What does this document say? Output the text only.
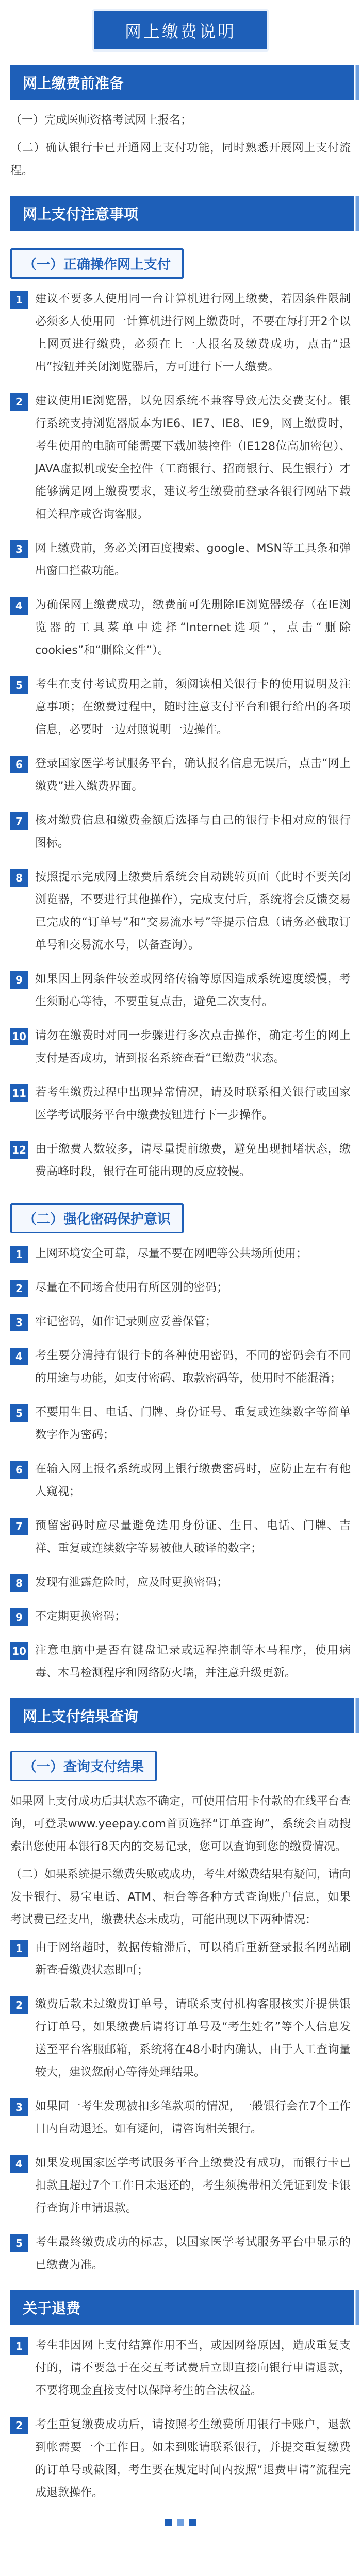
网上缴费说明
网上缴费前准备

（一）完成医师资格考试网上报名；

（二）确认银行卡已开通网上支付功能，同时熟悉开展网上支付流程。

网上支付注意事项
（一）正确操作网上支付
1	建议不要多人使用同一台计算机进行网上缴费，若因条件限制必须多人使用同一计算机进行网上缴费时，不要在每打开2个以上网页进行缴费，必须在上一人报名及缴费成功，点击“退出”按钮并关闭浏览器后，方可进行下一人缴费。
2	建议使用IE浏览器，以免因系统不兼容导致无法交费支付。银行系统支持浏览器版本为IE6、IE7、IE8、IE9，网上缴费时，考生使用的电脑可能需要下载加装控件（IE128位高加密包）、JAVA虚拟机或安全控件（工商银行、招商银行、民生银行）才能够满足网上缴费要求，建议考生缴费前登录各银行网站下载相关程序或咨询客服。
3	网上缴费前，务必关闭百度搜索、google、MSN等工具条和弹出窗口拦截功能。
4	为确保网上缴费成功，缴费前可先删除IE浏览器缓存（在IE浏览器的工具菜单中选择“Internet选项”，点击“删除cookies”和“删除文件”）。
5	考生在支付考试费用之前，须阅读相关银行卡的使用说明及注意事项；在缴费过程中，随时注意支付平台和银行给出的各项信息，必要时一边对照说明一边操作。
6	登录国家医学考试服务平台，确认报名信息无误后，点击“网上缴费”进入缴费界面。
7	核对缴费信息和缴费金额后选择与自己的银行卡相对应的银行图标。
8	按照提示完成网上缴费后系统会自动跳转页面（此时不要关闭浏览器，不要进行其他操作），完成支付后，系统将会反馈交易已完成的“订单号”和“交易流水号”等提示信息（请务必截取订单号和交易流水号，以备查询）。
9	如果因上网条件较差或网络传输等原因造成系统速度缓慢，考生须耐心等待，不要重复点击，避免二次支付。
10 请勿在缴费时对同一步骤进行多次点击操作，确定考生的网上支付是否成功，请到报名系统查看“已缴费”状态。
11 若考生缴费过程中出现异常情况，请及时联系相关银行或国家医学考试服务平台中缴费按钮进行下一步操作。
12 由于缴费人数较多，请尽量提前缴费，避免出现拥堵状态，缴费高峰时段，银行在可能出现的反应较慢。
（二）强化密码保护意识
1	上网环境安全可靠，尽量不要在网吧等公共场所使用；
2	尽量在不同场合使用有所区别的密码；
3	牢记密码，如作记录则应妥善保管；
4	考生要分清持有银行卡的各种使用密码，不同的密码会有不同的用途与功能，如支付密码、取款密码等，使用时不能混淆；
5	不要用生日、电话、门牌、身份证号、重复或连续数字等简单数字作为密码；
6	在输入网上报名系统或网上银行缴费密码时，应防止左右有他人窥视；
7	预留密码时应尽量避免选用身份证、生日、电话、门牌、吉祥、重复或连续数字等易被他人破译的数字；
8	发现有泄露危险时，应及时更换密码；
9	不定期更换密码；
10 注意电脑中是否有键盘记录或远程控制等木马程序，使用病毒、木马检测程序和网络防火墙，并注意升级更新。
网上支付结果查询
（一）查询支付结果

如果网上支付成功后其状态不确定，可使用信用卡付款的在线平台查询，可登录www.yeepay.com首页选择“订单查询”，系统会自动搜索出您使用本银行8天内的交易记录，您可以查询到您的缴费情况。

（二）如果系统提示缴费失败或成功，考生对缴费结果有疑问，请向发卡银行、易宝电话、ATM、柜台等各种方式查询账户信息，如果考试费已经支出，缴费状态未成功，可能出现以下两种情况：

1	由于网络超时，数据传输滞后，可以稍后重新登录报名网站刷新查看缴费状态即可；
2	缴费后款未过缴费订单号，请联系支付机构客服核实并提供银行订单号，如果缴费后请将订单号及“考生姓名”等个人信息发送至平台客服邮箱，系统将在48小时内确认，由于人工查询量较大，建议您耐心等待处理结果。
3	如果同一考生发现被扣多笔款项的情况，一般银行会在7个工作日内自动退还。如有疑问，请咨询相关银行。
4	如果发现国家医学考试服务平台上缴费没有成功，而银行卡已扣款且超过7个工作日未退还的，考生须携带相关凭证到发卡银行查询并申请退款。
5	考生最终缴费成功的标志，以国家医学考试服务平台中显示的已缴费为准。
关于退费
1	考生非因网上支付结算作用不当，或因网络原因，造成重复支付的，请不要急于在交互考试费后立即直接向银行申请退款，不要将现金直接支付以保障考生的合法权益。
2	考生重复缴费成功后，请按照考生缴费所用银行卡账户，退款到帐需要一个工作日。如未到账请联系银行，并提交重复缴费的订单号或截图，考生要在规定时间内按照“退费申请”流程完成退款操作。
